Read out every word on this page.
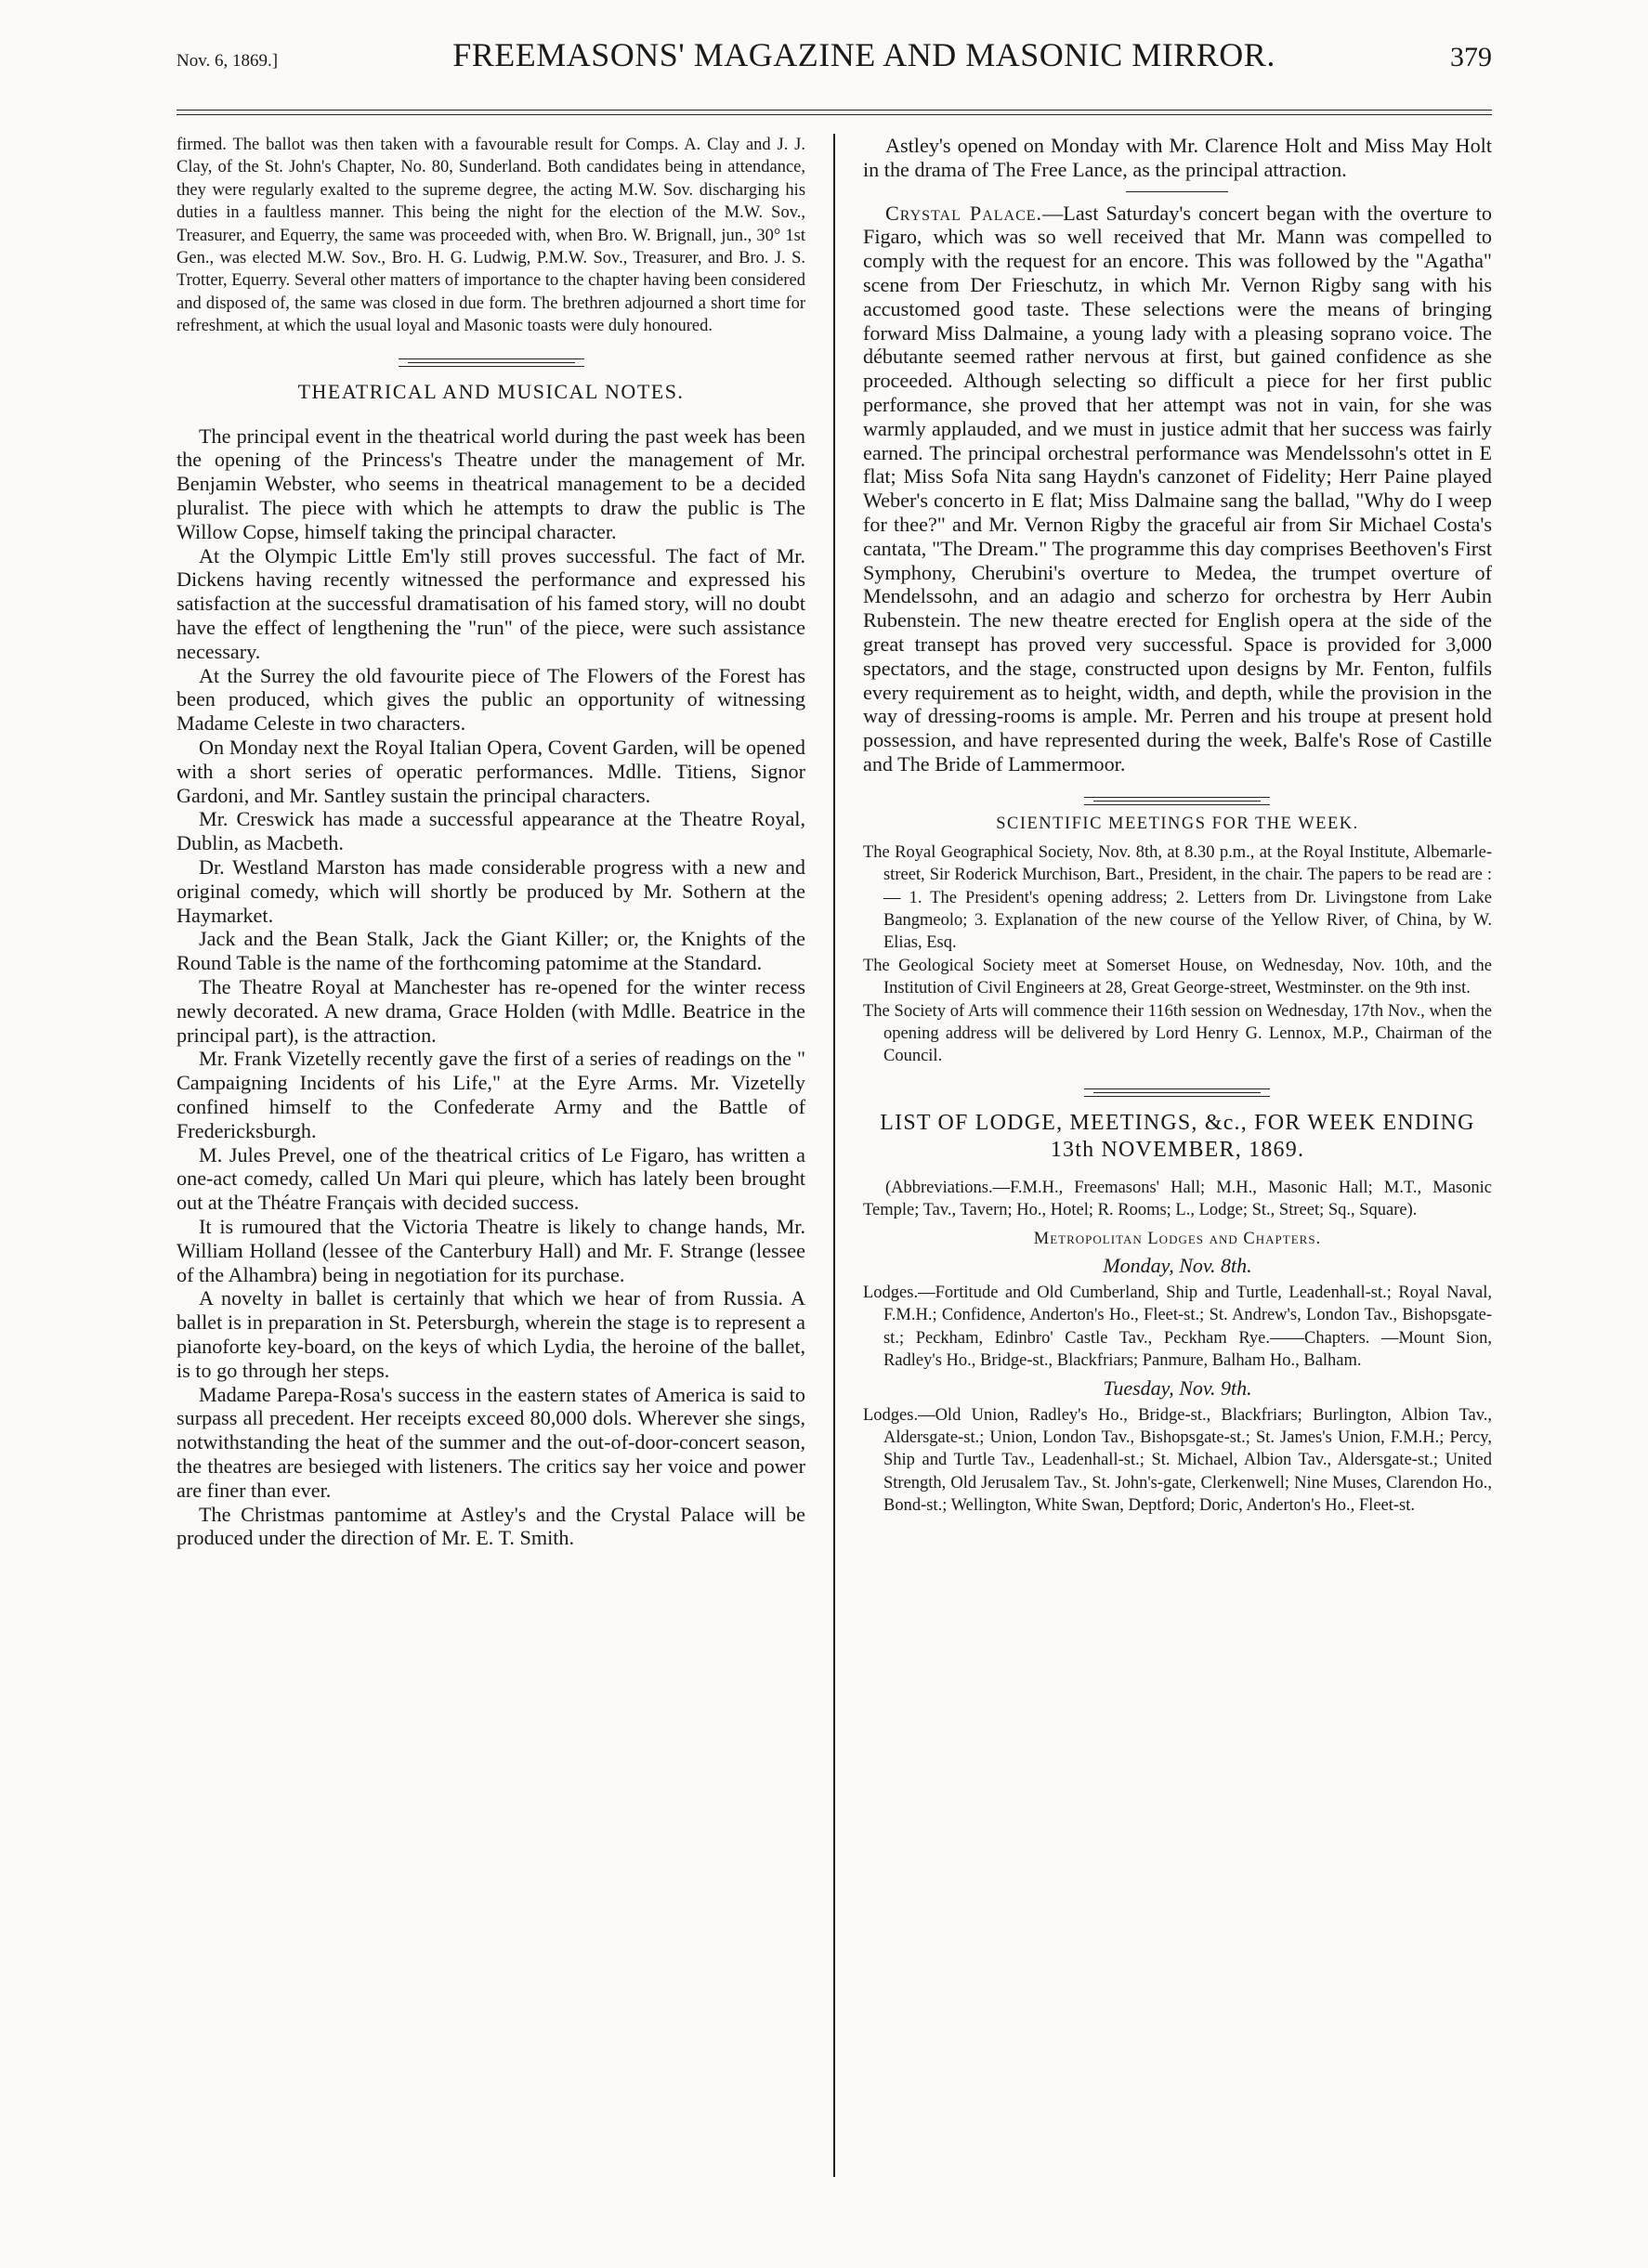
Nov. 6, 1869.]	FREEMASONS' MAGAZINE AND MASONIC MIRROR.	379

firmed. The ballot was then taken with a favourable result for Comps. A. Clay and J. J. Clay, of the St. John's Chapter, No. 80, Sunderland. Both candidates being in attendance, they were regularly exalted to the supreme degree, the acting M.W. Sov. discharging his duties in a faultless manner. This being the night for the election of the M.W. Sov., Treasurer, and Equerry, the same was proceeded with, when Bro. W. Brignall, jun., 30° 1st Gen., was elected M.W. Sov., Bro. H. G. Ludwig, P.M.W. Sov., Treasurer, and Bro. J. S. Trotter, Equerry. Several other matters of importance to the chapter having been considered and disposed of, the same was closed in due form. The brethren adjourned a short time for refreshment, at which the usual loyal and Masonic toasts were duly honoured.

THEATRICAL AND MUSICAL NOTES.

The principal event in the theatrical world during the past week has been the opening of the Princess's Theatre under the management of Mr. Benjamin Webster, who seems in theatrical management to be a decided pluralist. The piece with which he attempts to draw the public is The Willow Copse, himself taking the principal character.

At the Olympic Little Em'ly still proves successful. The fact of Mr. Dickens having recently witnessed the performance and expressed his satisfaction at the successful dramatisation of his famed story, will no doubt have the effect of lengthening the "run" of the piece, were such assistance necessary.

At the Surrey the old favourite piece of The Flowers of the Forest has been produced, which gives the public an opportunity of witnessing Madame Celeste in two characters.

On Monday next the Royal Italian Opera, Covent Garden, will be opened with a short series of operatic performances. Mdlle. Titiens, Signor Gardoni, and Mr. Santley sustain the principal characters.

Mr. Creswick has made a successful appearance at the Theatre Royal, Dublin, as Macbeth.

Dr. Westland Marston has made considerable progress with a new and original comedy, which will shortly be produced by Mr. Sothern at the Haymarket.

Jack and the Bean Stalk, Jack the Giant Killer; or, the Knights of the Round Table is the name of the forthcoming patomime at the Standard.

The Theatre Royal at Manchester has re-opened for the winter recess newly decorated. A new drama, Grace Holden (with Mdlle. Beatrice in the principal part), is the attraction.

Mr. Frank Vizetelly recently gave the first of a series of readings on the " Campaigning Incidents of his Life," at the Eyre Arms. Mr. Vizetelly confined himself to the Confederate Army and the Battle of Fredericksburgh.

M. Jules Prevel, one of the theatrical critics of Le Figaro, has written a one-act comedy, called Un Mari qui pleure, which has lately been brought out at the Théatre Français with decided success.

It is rumoured that the Victoria Theatre is likely to change hands, Mr. William Holland (lessee of the Canterbury Hall) and Mr. F. Strange (lessee of the Alhambra) being in negotiation for its purchase.

A novelty in ballet is certainly that which we hear of from Russia. A ballet is in preparation in St. Petersburgh, wherein the stage is to represent a pianoforte key-board, on the keys of which Lydia, the heroine of the ballet, is to go through her steps.

Madame Parepa-Rosa's success in the eastern states of America is said to surpass all precedent. Her receipts exceed 80,000 dols. Wherever she sings, notwithstanding the heat of the summer and the out-of-door-concert season, the theatres are besieged with listeners. The critics say her voice and power are finer than ever.

The Christmas pantomime at Astley's and the Crystal Palace will be produced under the direction of Mr. E. T. Smith.

Astley's opened on Monday with Mr. Clarence Holt and Miss May Holt in the drama of The Free Lance, as the principal attraction.

Crystal Palace.—Last Saturday's concert began with the overture to Figaro, which was so well received that Mr. Mann was compelled to comply with the request for an encore. This was followed by the "Agatha" scene from Der Frieschutz, in which Mr. Vernon Rigby sang with his accustomed good taste. These selections were the means of bringing forward Miss Dalmaine, a young lady with a pleasing soprano voice. The débutante seemed rather nervous at first, but gained confidence as she proceeded. Although selecting so difficult a piece for her first public performance, she proved that her attempt was not in vain, for she was warmly applauded, and we must in justice admit that her success was fairly earned. The principal orchestral performance was Mendelssohn's ottet in E flat; Miss Sofa Nita sang Haydn's canzonet of Fidelity; Herr Paine played Weber's concerto in E flat; Miss Dalmaine sang the ballad, "Why do I weep for thee?" and Mr. Vernon Rigby the graceful air from Sir Michael Costa's cantata, "The Dream." The programme this day comprises Beethoven's First Symphony, Cherubini's overture to Medea, the trumpet overture of Mendelssohn, and an adagio and scherzo for orchestra by Herr Aubin Rubenstein. The new theatre erected for English opera at the side of the great transept has proved very successful. Space is provided for 3,000 spectators, and the stage, constructed upon designs by Mr. Fenton, fulfils every requirement as to height, width, and depth, while the provision in the way of dressing-rooms is ample. Mr. Perren and his troupe at present hold possession, and have represented during the week, Balfe's Rose of Castille and The Bride of Lammermoor.

SCIENTIFIC MEETINGS FOR THE WEEK.

The Royal Geographical Society, Nov. 8th, at 8.30 p.m., at the Royal Institute, Albemarle-street, Sir Roderick Murchison, Bart., President, in the chair. The papers to be read are :— 1. The President's opening address; 2. Letters from Dr. Livingstone from Lake Bangmeolo; 3. Explanation of the new course of the Yellow River, of China, by W. Elias, Esq.

The Geological Society meet at Somerset House, on Wednesday, Nov. 10th, and the Institution of Civil Engineers at 28, Great George-street, Westminster. on the 9th inst.

The Society of Arts will commence their 116th session on Wednesday, 17th Nov., when the opening address will be delivered by Lord Henry G. Lennox, M.P., Chairman of the Council.

LIST OF LODGE, MEETINGS, &c., FOR WEEK ENDING 13th NOVEMBER, 1869.

(Abbreviations.—F.M.H., Freemasons' Hall; M.H., Masonic Hall; M.T., Masonic Temple; Tav., Tavern; Ho., Hotel; R. Rooms; L., Lodge; St., Street; Sq., Square).

Metropolitan Lodges and Chapters.

Monday, Nov. 8th.

Lodges.—Fortitude and Old Cumberland, Ship and Turtle, Leadenhall-st.; Royal Naval, F.M.H.; Confidence, Anderton's Ho., Fleet-st.; St. Andrew's, London Tav., Bishopsgate-st.; Peckham, Edinbro' Castle Tav., Peckham Rye.——Chapters. —Mount Sion, Radley's Ho., Bridge-st., Blackfriars; Panmure, Balham Ho., Balham.

Tuesday, Nov. 9th.

Lodges.—Old Union, Radley's Ho., Bridge-st., Blackfriars; Burlington, Albion Tav., Aldersgate-st.; Union, London Tav., Bishopsgate-st.; St. James's Union, F.M.H.; Percy, Ship and Turtle Tav., Leadenhall-st.; St. Michael, Albion Tav., Aldersgate-st.; United Strength, Old Jerusalem Tav., St. John's-gate, Clerkenwell; Nine Muses, Clarendon Ho., Bond-st.; Wellington, White Swan, Deptford; Doric, Anderton's Ho., Fleet-st.
